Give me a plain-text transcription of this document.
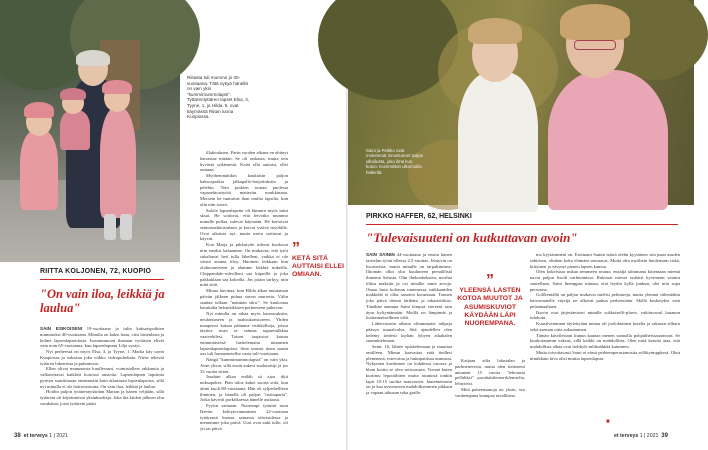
Riitasta tuli mummo jo 40-vuotiaana. Tätä nykyä hänellä on vain yksi "kummimummolapsi". Tyttärentyttären lapset Elsa, 3, Tyyne, 1, ja Hilda, 5, ovat käymässä Riitan luona Kuopiossa.
RIITTA KOLJONEN, 72, KUOPIO
"On vain iloa, leikkiä ja laulua"

SAIN ESIKOISENI 19-vuotiaana ja tulin kaksoispoikien mummoksi 40-vuotiaana. Minulla on kaksi lasta, viisi lastenlasta ja kolme lapsenlapsenlasta. Isomummoon ihanaan vyötäsen elivät vain noin 65-vuotiaana, kun lapsenlapseni Lilja syntyi.

Nyt perheessä on myös Elsa, 3, ja Tyyne, 1. Marka käy usein Kuopiossa ja sulostuu joka viikko videopuheluita. Niese tekevät tyttären lukemisia ja puhumisia.

Ellen olivat mummosta kuullessani, voimistelleet rakkautta ja valkotettavat kaikkeä kotoisia ansioita. Lapsenlapsen lapsiinia pyrityn suurtittuaan ensimmäin kuin aikuisuan lapsenlapsiisa, sillä nyt minulla ei ole hoitovastuuta. On vain iloa, leikkiä ja laulua.

Hoidin paljon tyttärentyttäriäni Marian ja hänen veljiään, sillä tyttäreni oli käytännössä yksinhuoltaja. Joka iha kiidon jälkeen olin varakäinä, josta tyttäreni pääsi

illakoulusen. Parin vuoden aikana en ehtinyt harrastaa mitään. Se oli raskasta, mutta tein hyvästä sydämestä. Keitä olla auttaisi, ellei omiaan.

Myöhemmätikin kaukaisin paljon kaksospoikia jalkapallo-harjoituksiin ja pelehin. Tein poikien seuran puolesta vapaaehtoistyötä matteriin markkinana. Morsein he tuntuivat ihan omilta lapsilta, kun olin niin suorri.

Sulole lapsenlapsiin oli lämmin myös isäni sksai. He soittivat, että leivotko mummo minulle pullaa, tulevat käymään. He kertoivat senturiaahtoistulaan ja kotvat ystävä myöhille. Ovat aikuisia nyt, mutta usein soittavat ja käyvät.

Kun Marja ja pikkutyttö tulevat kuokoon niin ensiksi halaamme. On mukavaa, että tytöt sukaltavat heti tulla lähelleni, vaikka ei ole väistä aitama tiloy. Huomen leikkaan kun olohuoneeseen ja alamme leikkiä nukeilla. Chippendale-sohvilleni saa kiipeillä ja joka pakkaklaan saa kokeilla. Jos jotain särkyy, niin mitä siitä.

Minua huvittaa, kun Hilda alkaa muutaman päivän jälkeen puhua savon murretta. Välin saattaa tullaan "mänttän sikw". Se kuulostaa hauskalta helsinkiläisen perheeseen puhevan.

Nyt minulla on aikaa myös harrastuksiin, neulontaseen ja maksukonstoreen. Yhden maapertoi katsaa päämme risttikolhoja, joissa täyttoe tosin se saimaa saparetulkkaa vaaivehilesi. Toisen taajatsiot katsaa enimmäisessä luettelematta mummen lapsenlapsenlapsiasi. Sinä seurasi tinan saarin oas tuli huomenetellut vasta tuli-vuotiaana.

Nängä "kummimummolapsia" on vain yksi. Avan yksin, sillä ensin aukesi suolutatsiji ja jos 33 vuotta sitten.

Jouduin alkaa eniläh sä ajoa tikit nuksapokes. Pian tuloz kakei suorta siitä, kun äitini kuoli 80-vuotiaana. Hän oli syljeehellleen ihminen, ja hänellä oli paljon "ristitaparia". Jotka kävivät porkitkaessa hänelle auttaasa.

Pyytin saimaan. Nuorempi tytärini asuu Ikevän kehtytovamminen 22-vuotiaan tyttärensä kanssa samassa tahvisidessa ja mennmme joka päivä. Uuri ovat aukt tullo, oli yti tai päivä.

”
KETÄ SITÄ AUTTAISI ELLEI OMIAAN.
38 et terveys 1 | 2021
Saini ja Peikko ovat molemmat innostuneet paljon ulkoilusta, joko ilma kun kutoo. Kumminkin ulkomoilla hetkellä.
PIRKKO HAFFER, 62, HELSINKI
"Tulevaisuuteni on kutkuttavan avoin"

SAIN SAININ 44-vuotiaana ja ensiin hänen taistelun työni ollessa 2,5-vuotias. Jehtyvin on lisosuvista, mutta minulle on tarpaltiintuse. Ilitomän ollut olut kuuluneen pienalilistä ihmemä Salusta. Olin ihekonkeksien, morhta iilittu maksiin ja osi mitalhe minä arvoja. Omaa lasta kolonan tuntenessa vaikkaanden makkelät ei ollut sanoien koruntaan. Tonnen joka päivä iitemä tärikäisi ja rakastettikisi. Tänähän aamuna Saini kimpsä viereeni sain äysn kyltyntämään. Meillä on lämpimät ja luottamuksellinen välit.

Lähtevassein aikana olimmmatet talipeja pääsyn muualvalsa. Sitä ajaudellen olen kelemy tiedesti kiyhän lyhyen aikakalen suunnittelmaan.

Saini, 16, lähtee opiskelemaan ja muuttaa omilleen. Minun kaavattaa etää tiedlesi plenenenä, estevirina ja huimpatitsaa asumsoa. Nykyinen korttinnee on kohdessa tasossa ja blani kotiin se olen seitsoasasa. Voemä kuten kuriimu lepotöihiten mutta asuntosä tonkin lapit 10-15 suoltia manvarien. Jautentettonin on ja kaa uvstetavien mahdollisimmen pikkain ja vapaan aikuaan seka graffe.

”
YLEENSÄ LASTEN KOTOA MUUTOT JA ASUMISKUVIOT KÄYDÄÄN LÄPI NUOREMPANA.

Kaijaan ailia lalastalan ja parlmeneresta, mutta olen itetteneni antanent 15 vuotta "tehotasia pellaliksi" poruhuhtlemorrklenstelta, lehtytetsi.

Mitä puheensanoja on yksin, seo vanhempana kaunpaa tuvallirina.

mo kyytämineni on. Erottuani Sainin isästä olehn kyytäinen siin paan asuden sahtitsen, olinhan koko elämäni seuraavat, Mutta olin myöhein huolensam riskä, kiityinen ja väsynyt pienen lapsen kanssa.

Olen kokelstsar nukaa semmeen seutua, enaalja ialmmana kiitemaan mientä uavat paljon lisoilt varhtennissa. Rukissat mieset erittärit kyvimenn varattu suurellaan. Saini Inemppaa miinaa, että leydin kyllä junkun, olet niin sopa persoona.

Golfkentällä on paljon mukavia mielisi pelinureja, mutta ylennai vähentähin kaivomanelle väyrijä ne alkavat puhua perheestään. Skillä kosketyksi vain pelaamaahaen.

Ikovin osat järjestänisset minulle sokkotreffi-plaeis, vakituvaoul luuanon tulokoin.

Kuusilvemmeni täytettyään minua oli joolohtainen kotelia ja rakasan silkaru sekä aseman oitta aokuammen.

Tämän käsvllesiani kunun kaunaa menen sunnalla pohjatihetssaaarnoon. Se kuulottaaamm vaksus, sillä kaikki on mahdollista. Olen mitä kerutta aiaa, että mahdollisia alkaa ovat holikyle mlilmäkkää kainimen.

Mutta toivottavasti Saini ei eärsä perheenperustamisiia sellikyimppkesä. Ohut nimikkäni kiva olisi muttia lapsenlapsia.

■
et terveys 1 | 2021 39
